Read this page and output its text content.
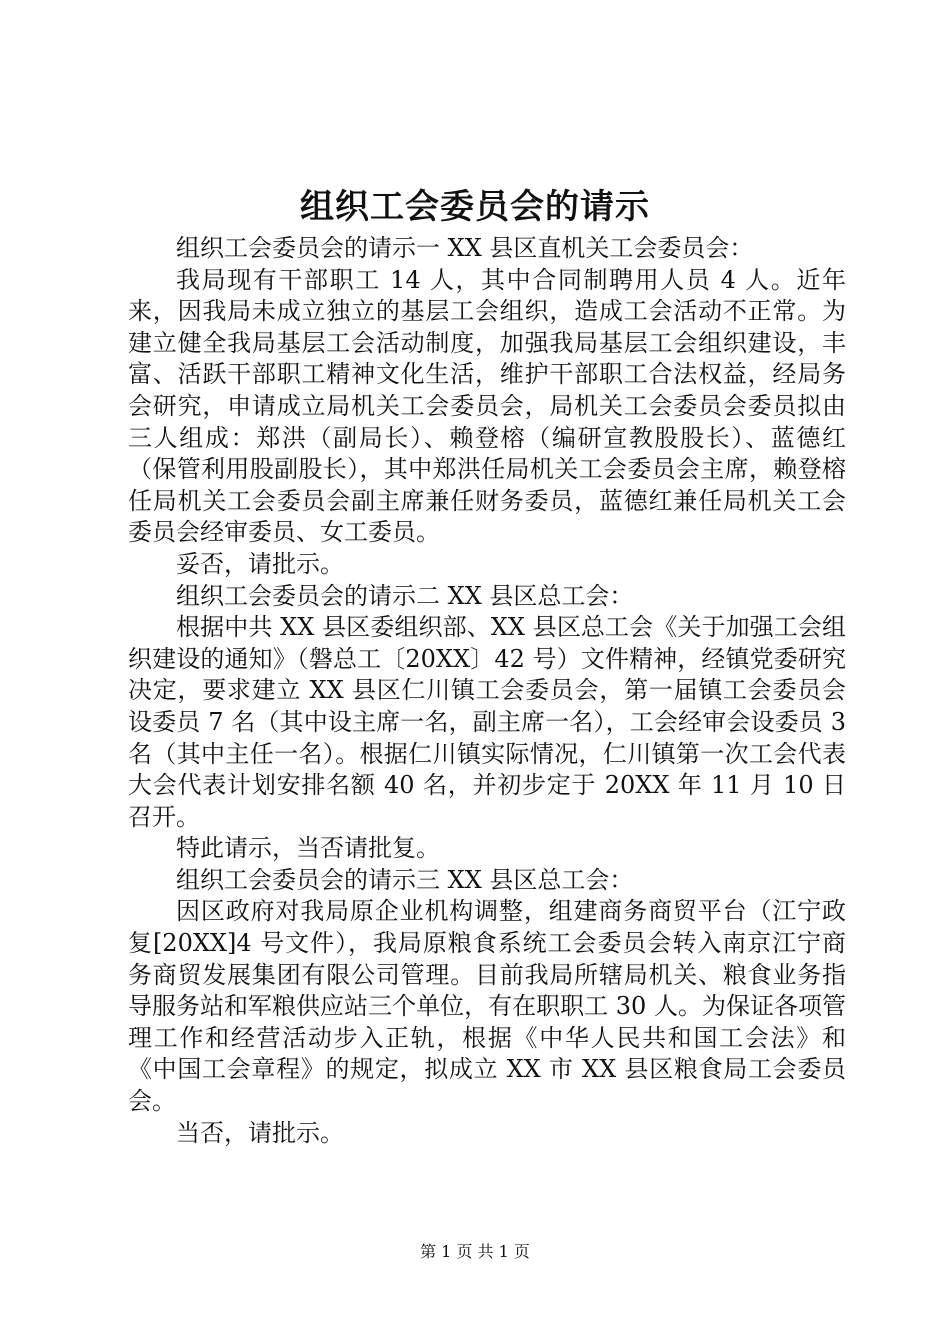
组织工会委员会的请示

组织工会委员会的请示一 XX 县区直机关工会委员会：

我局现有干部职工 14 人，其中合同制聘用人员 4 人。近年来，因我局未成立独立的基层工会组织，造成工会活动不正常。为建立健全我局基层工会活动制度，加强我局基层工会组织建设，丰富、活跃干部职工精神文化生活，维护干部职工合法权益，经局务会研究，申请成立局机关工会委员会，局机关工会委员会委员拟由三人组成：郑洪（副局长）、赖登榕（编研宣教股股长）、蓝德红（保管利用股副股长），其中郑洪任局机关工会委员会主席，赖登榕任局机关工会委员会副主席兼任财务委员，蓝德红兼任局机关工会委员会经审委员、女工委员。

妥否，请批示。

组织工会委员会的请示二 XX 县区总工会：

根据中共 XX 县区委组织部、XX 县区总工会《关于加强工会组织建设的通知》（磐总工〔20XX〕42 号）文件精神，经镇党委研究决定，要求建立 XX 县区仁川镇工会委员会，第一届镇工会委员会设委员 7 名（其中设主席一名，副主席一名），工会经审会设委员 3 名（其中主任一名）。根据仁川镇实际情况，仁川镇第一次工会代表大会代表计划安排名额 40 名，并初步定于 20XX 年 11 月 10 日召开。

特此请示，当否请批复。

组织工会委员会的请示三 XX 县区总工会：

因区政府对我局原企业机构调整，组建商务商贸平台（江宁政复[20XX]4 号文件），我局原粮食系统工会委员会转入南京江宁商务商贸发展集团有限公司管理。目前我局所辖局机关、粮食业务指导服务站和军粮供应站三个单位，有在职职工 30 人。为保证各项管理工作和经营活动步入正轨，根据《中华人民共和国工会法》和《中国工会章程》的规定，拟成立 XX 市 XX 县区粮食局工会委员会。

当否，请批示。

第 1 页 共 1 页
